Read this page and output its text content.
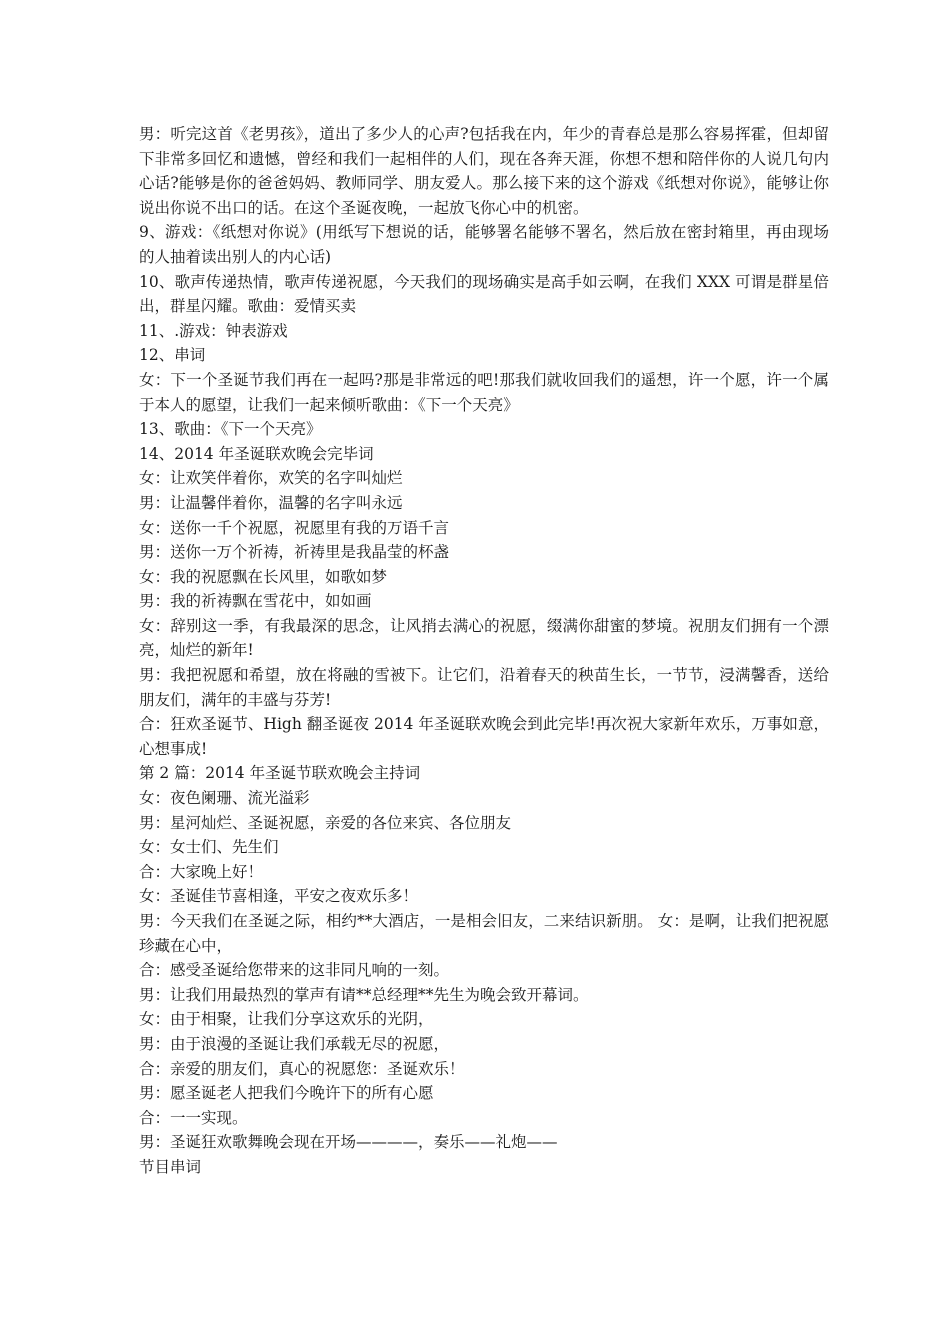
男：听完这首《老男孩》，道出了多少人的心声?包括我在内，年少的青春总是那么容易挥霍，但却留下非常多回忆和遗憾，曾经和我们一起相伴的人们，现在各奔天涯，你想不想和陪伴你的人说几句内心话?能够是你的爸爸妈妈、教师同学、朋友爱人。那么接下来的这个游戏《纸想对你说》，能够让你说出你说不出口的话。在这个圣诞夜晚，一起放飞你心中的机密。

9、游戏：《纸想对你说》(用纸写下想说的话，能够署名能够不署名，然后放在密封箱里，再由现场的人抽着读出别人的内心话)

10、歌声传递热情，歌声传递祝愿，今天我们的现场确实是高手如云啊，在我们 XXX 可谓是群星倍出，群星闪耀。歌曲：爱情买卖

11、.游戏：钟表游戏

12、串词

女：下一个圣诞节我们再在一起吗?那是非常远的吧!那我们就收回我们的遥想，许一个愿，许一个属于本人的愿望，让我们一起来倾听歌曲：《下一个天亮》

13、歌曲：《下一个天亮》

14、2014 年圣诞联欢晚会完毕词

女：让欢笑伴着你，欢笑的名字叫灿烂

男：让温馨伴着你，温馨的名字叫永远

女：送你一千个祝愿，祝愿里有我的万语千言

男：送你一万个祈祷，祈祷里是我晶莹的杯盏

女：我的祝愿飘在长风里，如歌如梦

男：我的祈祷飘在雪花中，如如画

女：辞别这一季，有我最深的思念，让风捎去满心的祝愿，缀满你甜蜜的梦境。祝朋友们拥有一个漂亮，灿烂的新年!

男：我把祝愿和希望，放在将融的雪被下。让它们，沿着春天的秧苗生长，一节节，浸满馨香，送给朋友们，满年的丰盛与芬芳!

合：狂欢圣诞节、High 翻圣诞夜 2014 年圣诞联欢晚会到此完毕!再次祝大家新年欢乐，万事如意，心想事成!

第 2 篇：2014 年圣诞节联欢晚会主持词

女：夜色阑珊、流光溢彩

男：星河灿烂、圣诞祝愿，亲爱的各位来宾、各位朋友

女：女士们、先生们

合：大家晚上好！

女：圣诞佳节喜相逢，平安之夜欢乐多！

男：今天我们在圣诞之际，相约**大酒店，一是相会旧友，二来结识新朋。 女：是啊，让我们把祝愿珍藏在心中，

合：感受圣诞给您带来的这非同凡响的一刻。

男：让我们用最热烈的掌声有请**总经理**先生为晚会致开幕词。

女：由于相聚，让我们分享这欢乐的光阴，

男：由于浪漫的圣诞让我们承载无尽的祝愿，

合：亲爱的朋友们，真心的祝愿您：圣诞欢乐！

男：愿圣诞老人把我们今晚许下的所有心愿

合：一一实现。

男：圣诞狂欢歌舞晚会现在开场————，奏乐——礼炮——

节目串词
